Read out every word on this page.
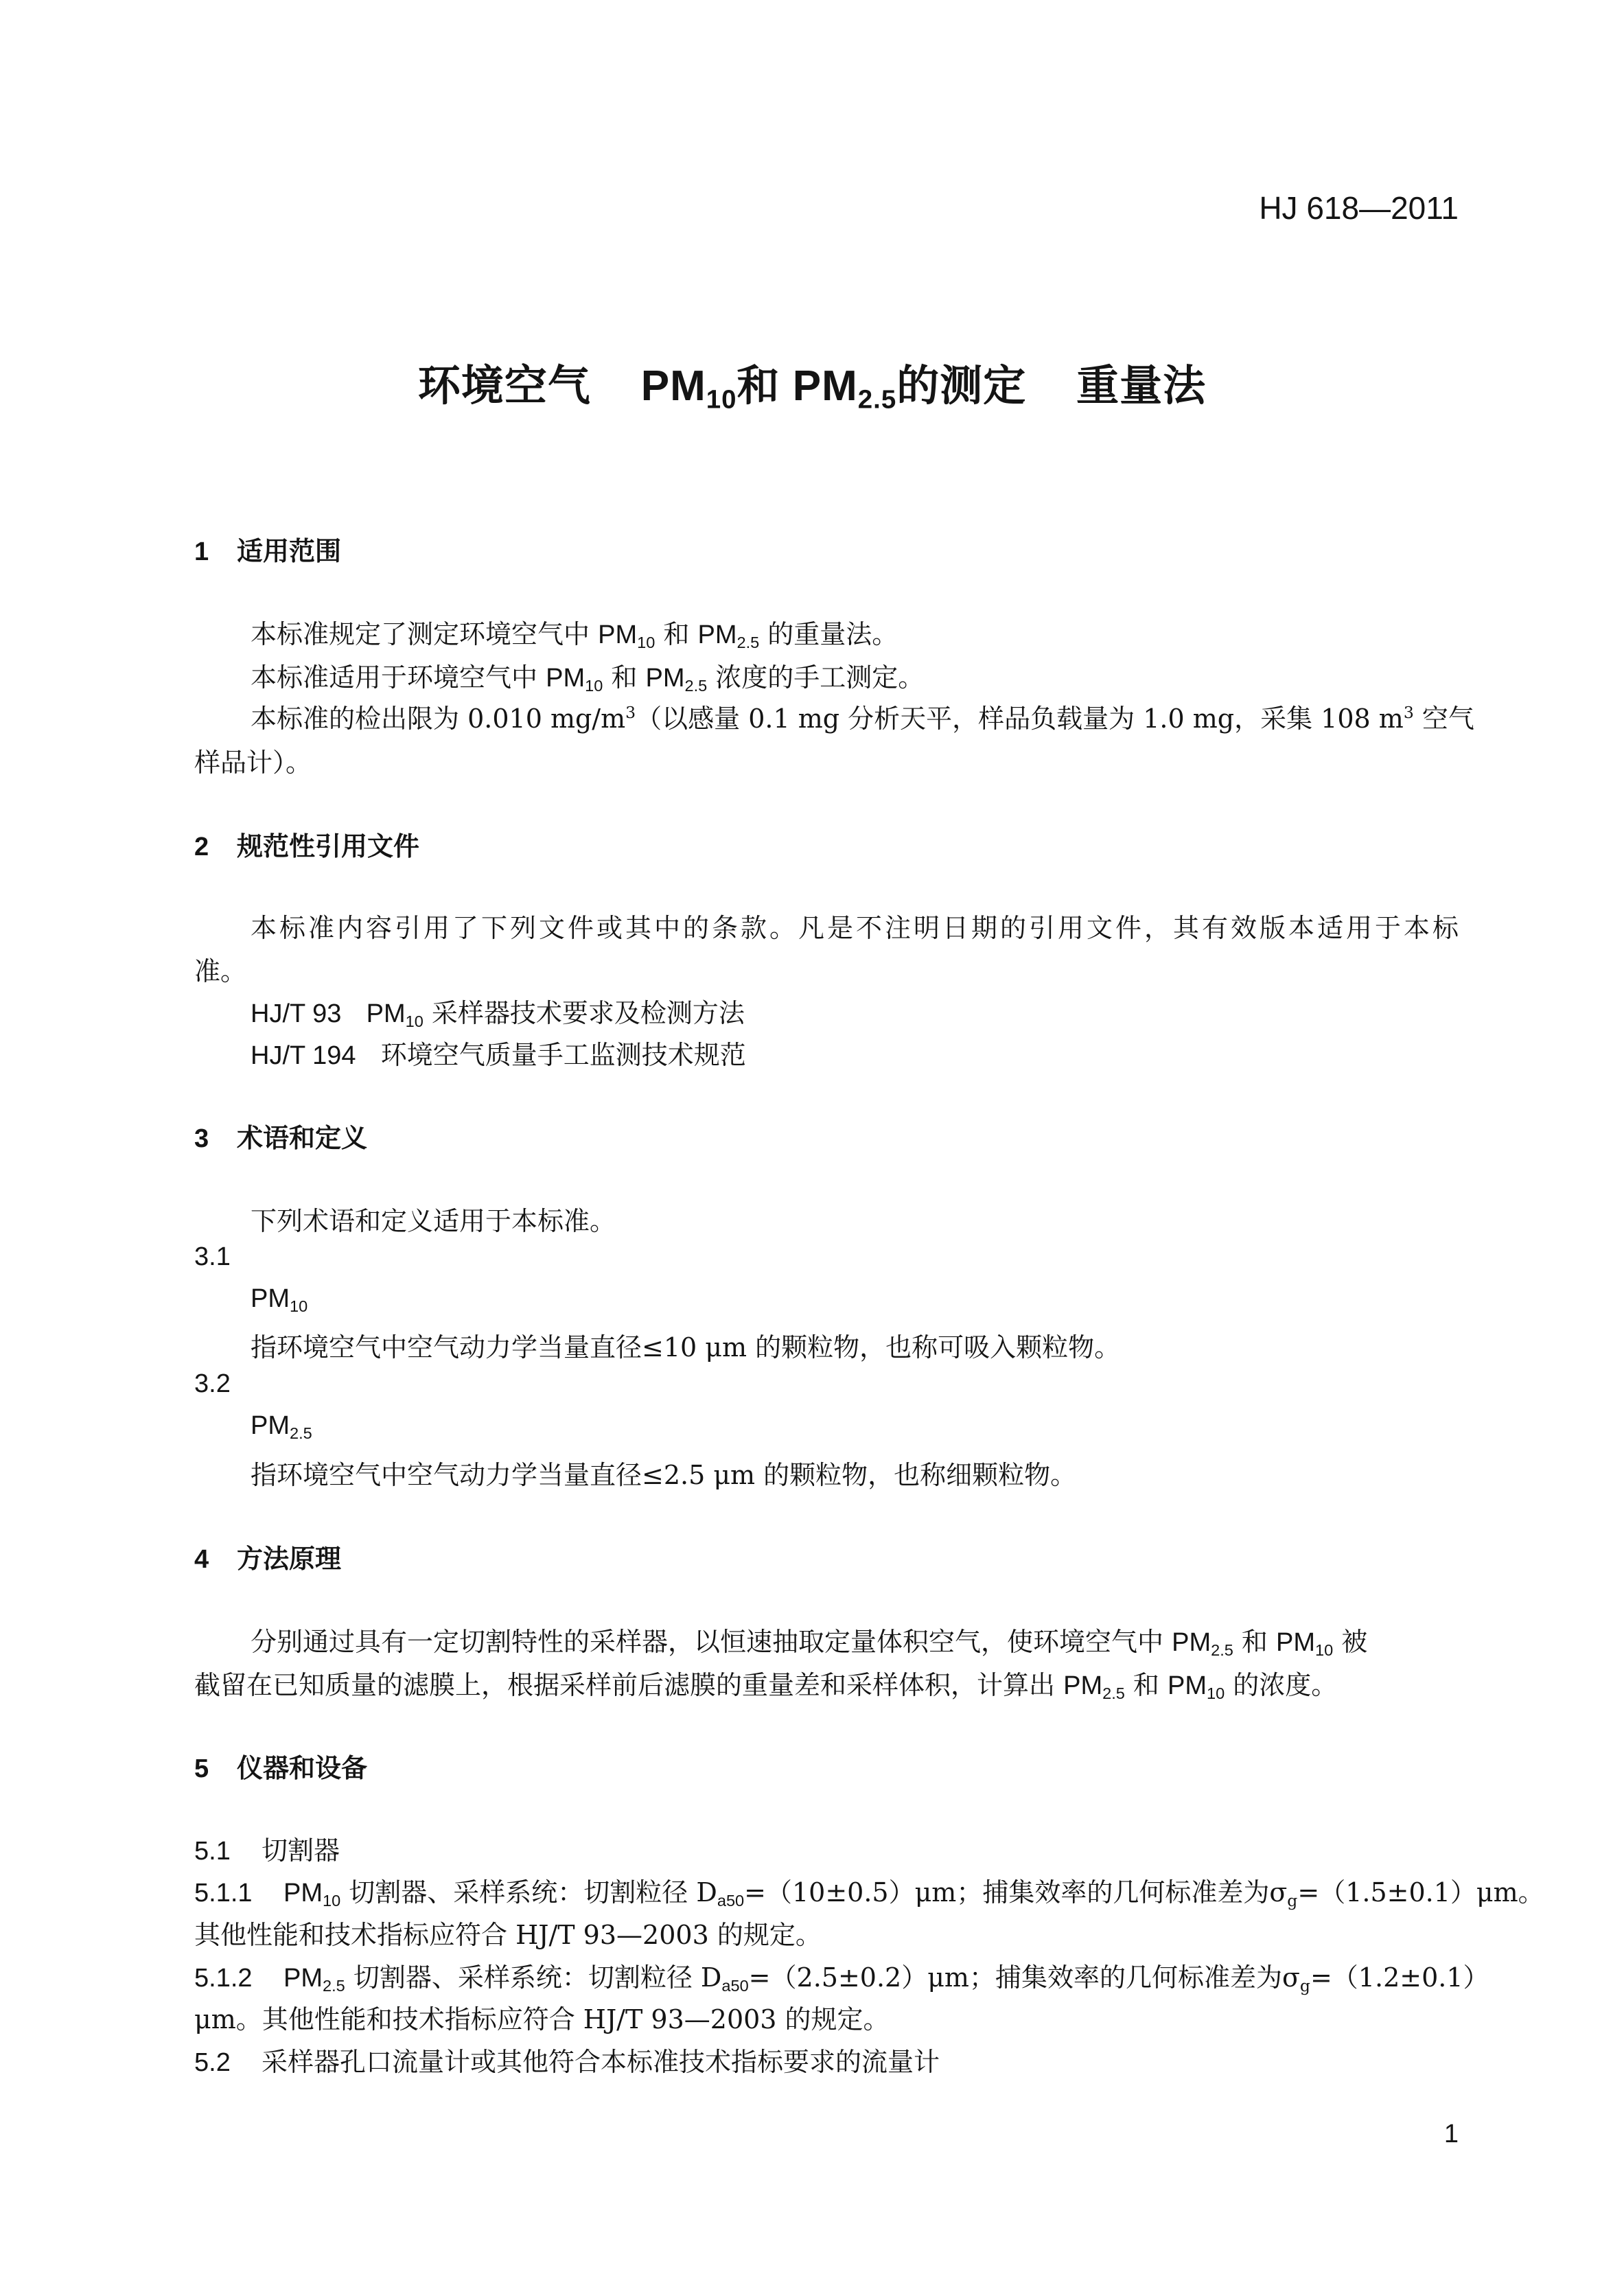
HJ 618—2011
环境空气 $PM_{10}$和 $PM_{2.5}$的测定 重量法
1 适用范围
本标准规定了测定环境空气中 $PM_{10}$ 和 $PM_{2.5}$ 的重量法。
本标准适用于环境空气中 $PM_{10}$ 和 $PM_{2.5}$ 浓度的手工测定。
本标准的检出限为 0.010 $mg/m^3$（以感量 0.1 mg 分析天平，样品负载量为 1.0 mg，采集 108 $m^3$ 空气
样品计）。
2 规范性引用文件
本标准内容引用了下列文件或其中的条款。凡是不注明日期的引用文件，其有效版本适用于本标
准。
HJ/T 93 $PM_{10}$ 采样器技术要求及检测方法
HJ/T 194 环境空气质量手工监测技术规范
3 术语和定义
下列术语和定义适用于本标准。
3.1
$PM_{10}$
指环境空气中空气动力学当量直径≤10 μm 的颗粒物，也称可吸入颗粒物。
3.2
$PM_{2.5}$
指环境空气中空气动力学当量直径≤2.5 μm 的颗粒物，也称细颗粒物。
4 方法原理
分别通过具有一定切割特性的采样器，以恒速抽取定量体积空气，使环境空气中 $PM_{2.5}$ 和 $PM_{10}$ 被
截留在已知质量的滤膜上，根据采样前后滤膜的重量差和采样体积，计算出 $PM_{2.5}$ 和 $PM_{10}$ 的浓度。
5 仪器和设备
5.1 切割器
5.1.1 $PM_{10}$ 切割器、采样系统：切割粒径 $D_{a50}=(10\pm 0.5)\mu m$；捕集效率的几何标准差为$\sigma_g=(1.5\pm 0.1)\mu m$。
其他性能和技术指标应符合 HJ/T 93—2003 的规定。
5.1.2 $PM_{2.5}$ 切割器、采样系统：切割粒径 $D_{a50}=(2.5\pm 0.2)\mu m$；捕集效率的几何标准差为$\sigma_g=(1.2\pm 0.1)$
μm。其他性能和技术指标应符合 HJ/T 93—2003 的规定。
5.2 采样器孔口流量计或其他符合本标准技术指标要求的流量计
1
